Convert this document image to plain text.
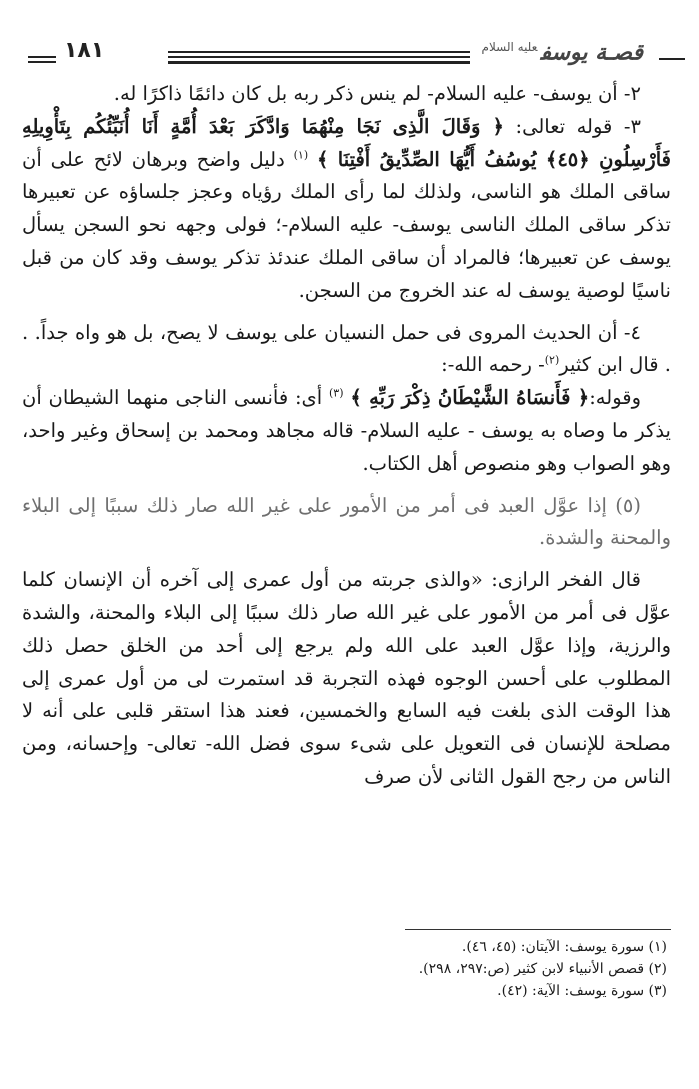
١٨١	قصـة يوسف$^{عليه السلام}$

٢- أن يوسف- عليه السلام- لم ينس ذكر ربه بل كان دائمًا ذاكرًا له.

٣- قوله تعالى: ﴿ وَقَالَ الَّذِى نَجَا مِنْهُمَا وَادَّكَرَ بَعْدَ أُمَّةٍ أَنَا أُنَبِّئُكُم بِتَأْوِيلِهِ فَأَرْسِلُونِ ﴿٤٥﴾ يُوسُفُ أَيُّهَا الصِّدِّيقُ أَفْتِنَا ﴾ $^{(١)}$ دليل واضح وبرهان لائح على أن ساقى الملك هو الناسى، ولذلك لما رأى الملك رؤياه وعجز جلساؤه عن تعبيرها تذكر ساقى الملك الناسى يوسف- عليه السلام-؛ فولى وجهه نحو السجن يسأل يوسف عن تعبيرها؛ فالمراد أن ساقى الملك عندئذ تذكر يوسف وقد كان من قبل ناسيًا لوصية يوسف له عند الخروج من السجن.

٤- أن الحديث المروى فى حمل النسيان على يوسف لا يصح، بل هو واه جداً. . . قال ابن كثير$^{(٢)}$- رحمه الله-:

وقوله:﴿ فَأَنسَاهُ الشَّيْطَانُ ذِكْرَ رَبِّهِ ﴾ $^{(٣)}$ أى: فأنسى الناجى منهما الشيطان أن يذكر ما وصاه به يوسف - عليه السلام- قاله مجاهد ومحمد بن إسحاق وغير واحد، وهو الصواب وهو منصوص أهل الكتاب.

(٥) إذا عوَّل العبد فى أمر من الأمور على غير الله صار ذلك سببًا إلى البلاء والمحنة والشدة.

قال الفخر الرازى: «والذى جربته من أول عمرى إلى آخره أن الإنسان كلما عوَّل فى أمر من الأمور على غير الله صار ذلك سببًا إلى البلاء والمحنة، والشدة والرزية، وإذا عوَّل العبد على الله ولم يرجع إلى أحد من الخلق حصل ذلك المطلوب على أحسن الوجوه فهذه التجربة قد استمرت لى من أول عمرى إلى هذا الوقت الذى بلغت فيه السابع والخمسين، فعند هذا استقر قلبى على أنه لا مصلحة للإنسان فى التعويل على شىء سوى فضل الله- تعالى- وإحسانه، ومن الناس من رجح القول الثانى لأن صرف

(١) سورة يوسف: الآيتان: (٤٥، ٤٦).
(٢) قصص الأنبياء لابن كثير (ص:٢٩٧، ٢٩٨).
(٣) سورة يوسف: الآية: (٤٢).
